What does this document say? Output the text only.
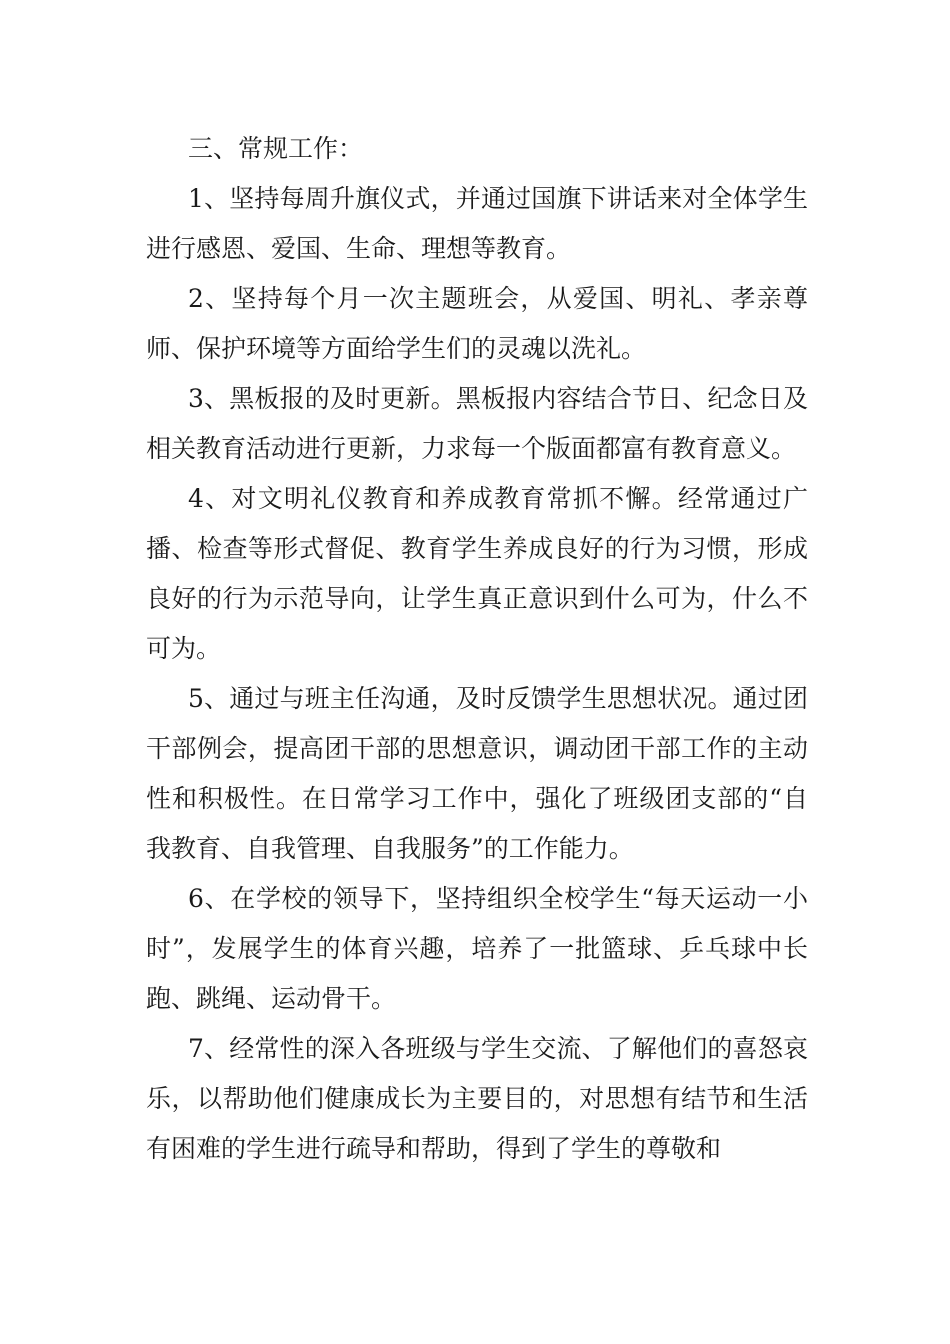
三、常规工作：

1、坚持每周升旗仪式，并通过国旗下讲话来对全体学生进行感恩、爱国、生命、理想等教育。

2、坚持每个月一次主题班会，从爱国、明礼、孝亲尊师、保护环境等方面给学生们的灵魂以洗礼。

3、黑板报的及时更新。黑板报内容结合节日、纪念日及相关教育活动进行更新，力求每一个版面都富有教育意义。

4、对文明礼仪教育和养成教育常抓不懈。经常通过广播、检查等形式督促、教育学生养成良好的行为习惯，形成良好的行为示范导向，让学生真正意识到什么可为，什么不可为。

5、通过与班主任沟通，及时反馈学生思想状况。通过团干部例会，提高团干部的思想意识，调动团干部工作的主动性和积极性。在日常学习工作中，强化了班级团支部的“自我教育、自我管理、自我服务”的工作能力。

6、在学校的领导下，坚持组织全校学生“每天运动一小时”，发展学生的体育兴趣，培养了一批篮球、乒乓球中长跑、跳绳、运动骨干。

7、经常性的深入各班级与学生交流、了解他们的喜怒哀乐，以帮助他们健康成长为主要目的，对思想有结节和生活有困难的学生进行疏导和帮助，得到了学生的尊敬和
